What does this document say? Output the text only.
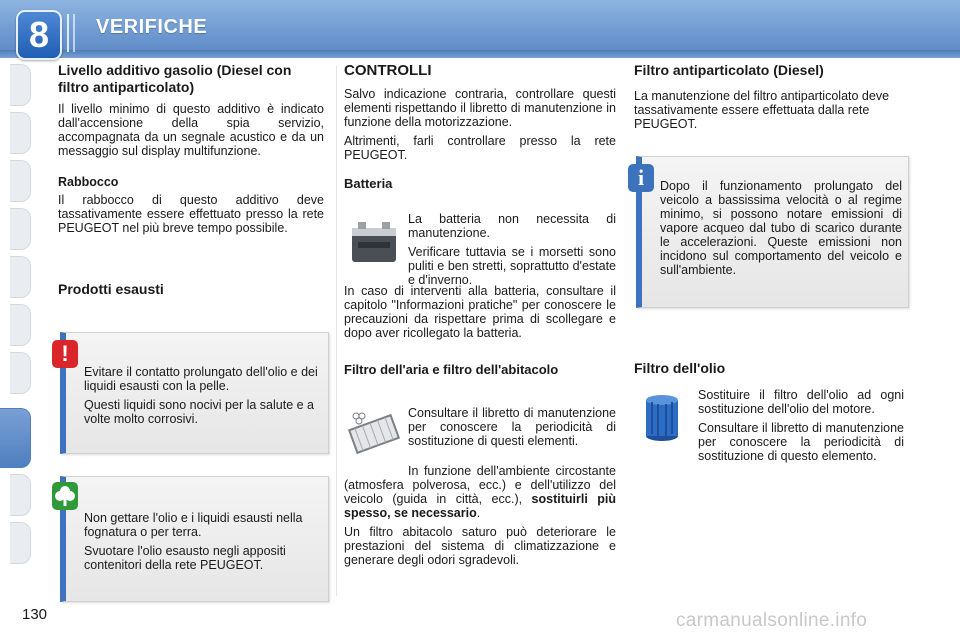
8	VERIFICHE
Livello additivo gasolio (Diesel con filtro antiparticolato)

Il livello minimo di questo additivo è indicato dall'accensione della spia servizio, accompagnata da un segnale acustico e da un messaggio sul display multifunzione.

Rabbocco

Il rabbocco di questo additivo deve tassativamente essere effettuato presso la rete PEUGEOT nel più breve tempo possibile.

Prodotti esausti

Evitare il contatto prolungato dell'olio e dei liquidi esausti con la pelle.

Questi liquidi sono nocivi per la salute e a volte molto corrosivi.

!

Non gettare l'olio e i liquidi esausti nella fognatura o per terra.

Svuotare l'olio esausto negli appositi contenitori della rete PEUGEOT.

CONTROLLI

Salvo indicazione contraria, controllare questi elementi rispettando il libretto di manutenzione in funzione della motorizzazione.

Altrimenti, farli controllare presso la rete PEUGEOT.

Batteria

La batteria non necessita di manutenzione.

Verificare tuttavia se i morsetti sono puliti e ben stretti, soprattutto d'estate e d'inverno.

In caso di interventi alla batteria, consultare il capitolo "Informazioni pratiche" per conoscere le precauzioni da rispettare prima di scollegare e dopo aver ricollegato la batteria.

Filtro dell'aria e filtro dell'abitacolo

Consultare il libretto di manutenzione per conoscere la periodicità di sostituzione di questi elementi.

In funzione dell'ambiente circostante (atmosfera polverosa, ecc.) e dell'utilizzo del veicolo (guida in città, ecc.), sostituirli più spesso, se necessario.

Un filtro abitacolo saturo può deteriorare le prestazioni del sistema di climatizzazione e generare degli odori sgradevoli.

Filtro antiparticolato (Diesel)

La manutenzione del filtro antiparticolato deve tassativamente essere effettuata dalla rete PEUGEOT.

Dopo il funzionamento prolungato del veicolo a bassissima velocità o al regime minimo, si possono notare emissioni di vapore acqueo dal tubo di scarico durante le accelerazioni. Queste emissioni non incidono sul comportamento del veicolo e sull'ambiente.

i
Filtro dell'olio

Sostituire il filtro dell'olio ad ogni sostituzione dell'olio del motore.

Consultare il libretto di manutenzione per conoscere la periodicità di sostituzione di questo elemento.

130	carmanualsonline.info
